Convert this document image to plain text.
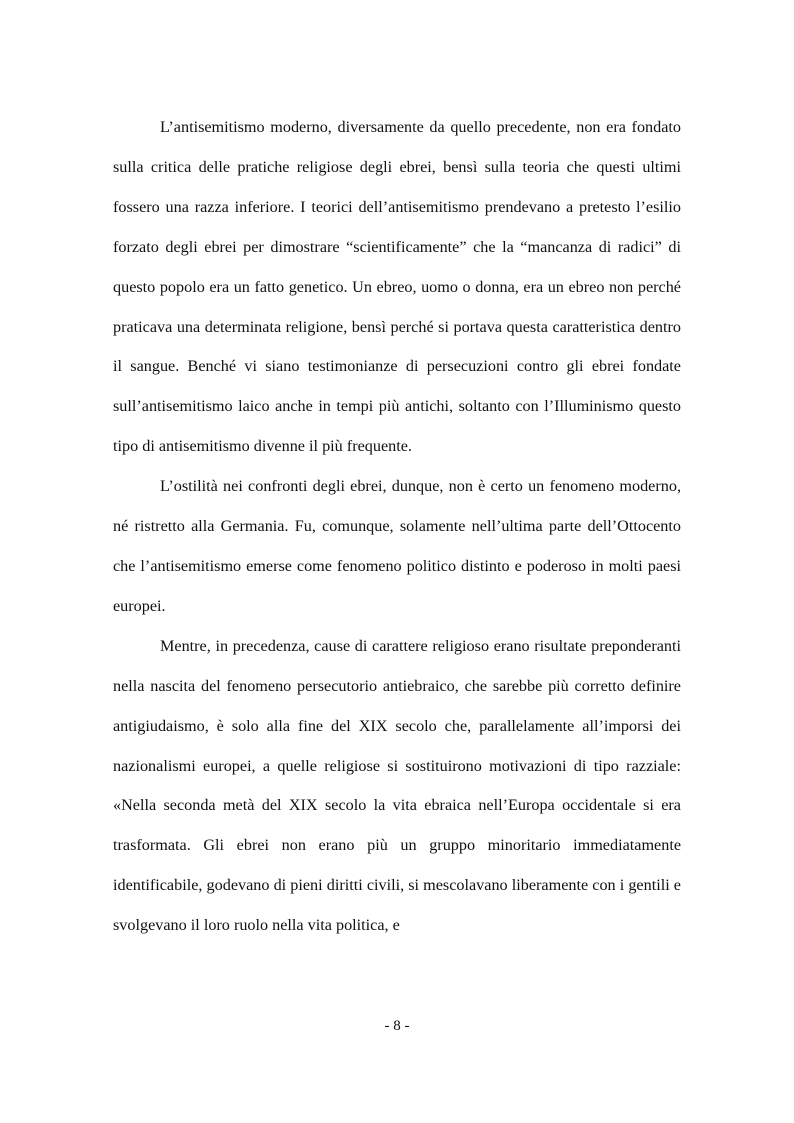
L’antisemitismo moderno, diversamente da quello precedente, non era fondato sulla critica delle pratiche religiose degli ebrei, bensì sulla teoria che questi ultimi fossero una razza inferiore. I teorici dell’antisemitismo prendevano a pretesto l’esilio forzato degli ebrei per dimostrare “scientificamente” che la “mancanza di radici” di questo popolo era un fatto genetico. Un ebreo, uomo o donna, era un ebreo non perché praticava una determinata religione, bensì perché si portava questa caratteristica dentro il sangue. Benché vi siano testimonianze di persecuzioni contro gli ebrei fondate sull’antisemitismo laico anche in tempi più antichi, soltanto con l’Illuminismo questo tipo di antisemitismo divenne il più frequente.

L’ostilità nei confronti degli ebrei, dunque, non è certo un fenomeno moderno, né ristretto alla Germania. Fu, comunque, solamente nell’ultima parte dell’Ottocento che l’antisemitismo emerse come fenomeno politico distinto e poderoso in molti paesi europei.

Mentre, in precedenza, cause di carattere religioso erano risultate preponderanti nella nascita del fenomeno persecutorio antiebraico, che sarebbe più corretto definire antigiudaismo, è solo alla fine del XIX secolo che, parallelamente all’imporsi dei nazionalismi europei, a quelle religiose si sostituirono motivazioni di tipo razziale: «Nella seconda metà del XIX secolo la vita ebraica nell’Europa occidentale si era trasformata. Gli ebrei non erano più un gruppo minoritario immediatamente identificabile, godevano di pieni diritti civili, si mescolavano liberamente con i gentili e svolgevano il loro ruolo nella vita politica, e

- 8 -
